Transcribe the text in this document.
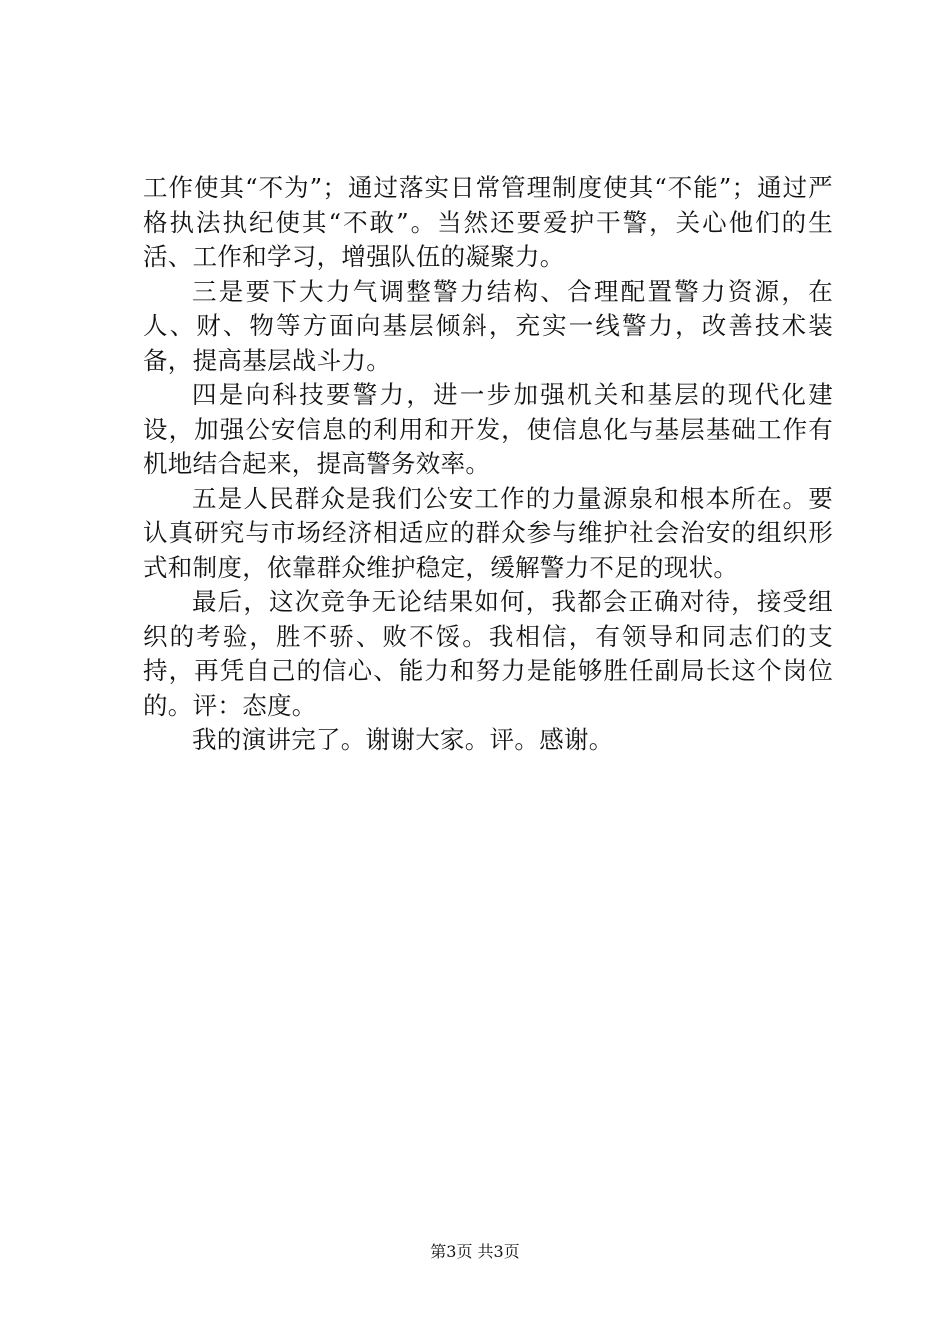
工作使其“不为”；通过落实日常管理制度使其“不能”；通过严格执法执纪使其“不敢”。当然还要爱护干警，关心他们的生活、工作和学习，增强队伍的凝聚力。

三是要下大力气调整警力结构、合理配置警力资源，在人、财、物等方面向基层倾斜，充实一线警力，改善技术装备，提高基层战斗力。

四是向科技要警力，进一步加强机关和基层的现代化建设，加强公安信息的利用和开发，使信息化与基层基础工作有机地结合起来，提高警务效率。

五是人民群众是我们公安工作的力量源泉和根本所在。要认真研究与市场经济相适应的群众参与维护社会治安的组织形式和制度，依靠群众维护稳定，缓解警力不足的现状。

最后，这次竞争无论结果如何，我都会正确对待，接受组织的考验，胜不骄、败不馁。我相信，有领导和同志们的支持，再凭自己的信心、能力和努力是能够胜任副局长这个岗位的。评：态度。

我的演讲完了。谢谢大家。评。感谢。

第3页 共3页
